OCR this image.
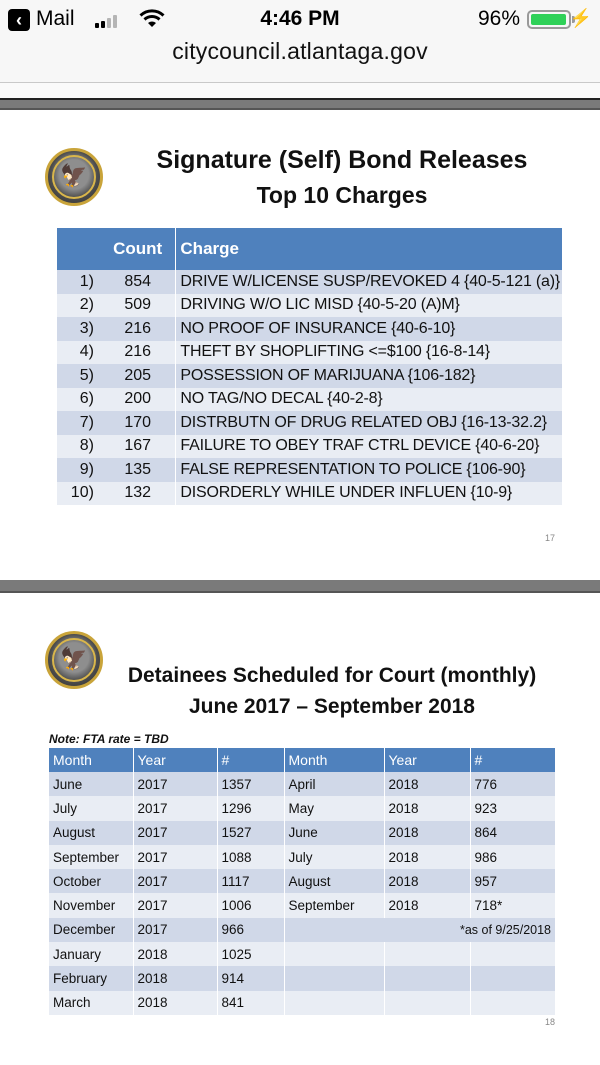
‹ Mail	4:46 PM	96%	⚡
citycouncil.atlantaga.gov
🦅
Signature (Self) Bond Releases
Top 10 Charges
	Count	Charge
1)	854	DRIVE W/LICENSE SUSP/REVOKED 4 {40-5-121 (a)}
2)	509	DRIVING W/O LIC MISD {40-5-20 (A)M}
3)	216	NO PROOF OF INSURANCE {40-6-10}
4)	216	THEFT BY SHOPLIFTING <=$100 {16-8-14}
5)	205	POSSESSION OF MARIJUANA {106-182}
6)	200	NO TAG/NO DECAL {40-2-8}
7)	170	DISTRBUTN OF DRUG RELATED OBJ {16-13-32.2}
8)	167	FAILURE TO OBEY TRAF CTRL DEVICE {40-6-20}
9)	135	FALSE REPRESENTATION TO POLICE {106-90}
10)	132	DISORDERLY WHILE UNDER INFLUEN {10-9}
17
🦅
Detainees Scheduled for Court (monthly)
June 2017 – September 2018
Note: FTA rate = TBD
Month	Year	#	Month	Year	#
June	2017	1357	April	2018	776
July	2017	1296	May	2018	923
August	2017	1527	June	2018	864
September	2017	1088	July	2018	986
October	2017	1117	August	2018	957
November	2017	1006	September	2018	718*
December	2017	966	*as of 9/25/2018		
January	2018	1025			
February	2018	914			
March	2018	841			
18
